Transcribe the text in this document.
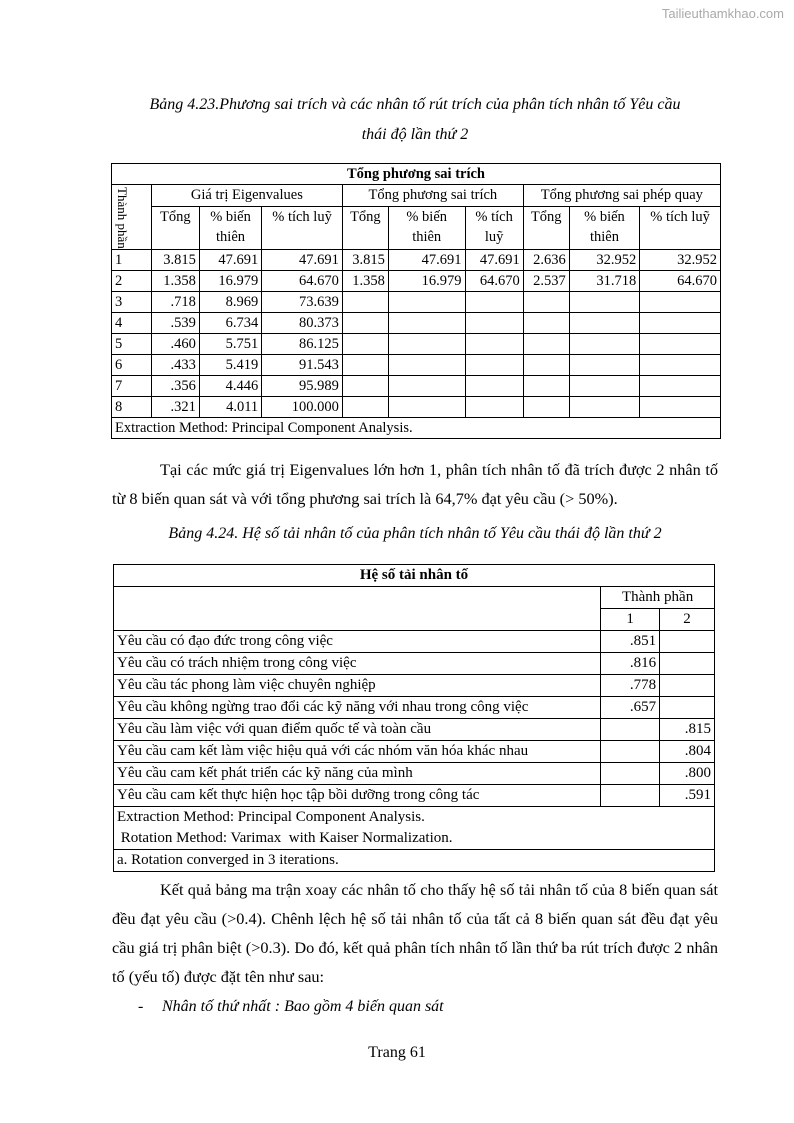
Tailieuthamkhao.com
Bảng 4.23.Phương sai trích và các nhân tố rút trích của phân tích nhân tố Yêu cầu
thái độ lần thứ 2
Tổng phương sai trích									

Thành phần	Giá trị Eigenvalues			Tổng phương sai trích			Tổng phương sai phép quay		
	Tổng	% biến thiên	% tích luỹ	Tổng	% biến thiên	% tích luỹ	Tổng	% biến thiên	% tích luỹ
1	3.815	47.691	47.691	3.815	47.691	47.691	2.636	32.952	32.952
2	1.358	16.979	64.670	1.358	16.979	64.670	2.537	31.718	64.670
3	.718	8.969	73.639						
4	.539	6.734	80.373						
5	.460	5.751	86.125						
6	.433	5.419	91.543						
7	.356	4.446	95.989						
8	.321	4.011	100.000						
Extraction Method: Principal Component Analysis.									
Tại các mức giá trị Eigenvalues lớn hơn 1, phân tích nhân tố đã trích được 2 nhân tố từ 8 biến quan sát và với tổng phương sai trích là 64,7% đạt yêu cầu (> 50%).
Bảng 4.24. Hệ số tải nhân tố của phân tích nhân tố Yêu cầu thái độ lần thứ 2
Hệ số tải nhân tố		
	Thành phần	
	1	2
Yêu cầu có đạo đức trong công việc	.851	
Yêu cầu có trách nhiệm trong công việc	.816	
Yêu cầu tác phong làm việc chuyên nghiệp	.778	
Yêu cầu không ngừng trao đổi các kỹ năng với nhau trong công việc	.657	
Yêu cầu làm việc với quan điểm quốc tế và toàn cầu		.815
Yêu cầu cam kết làm việc hiệu quả với các nhóm văn hóa khác nhau		.804
Yêu cầu cam kết phát triển các kỹ năng của mình		.800
Yêu cầu cam kết thực hiện học tập bồi dưỡng trong công tác		.591

Extraction Method: Principal Component Analysis.
Rotation Method: Varimax  with Kaiser Normalization.		

a. Rotation converged in 3 iterations.		
Kết quả bảng ma trận xoay các nhân tố cho thấy hệ số tải nhân tố của 8 biến quan sát đều đạt yêu cầu (>0.4). Chênh lệch hệ số tải nhân tố của tất cả 8 biến quan sát đều đạt yêu cầu giá trị phân biệt (>0.3). Do đó, kết quả phân tích nhân tố lần thứ ba rút trích được 2 nhân tố (yếu tố) được đặt tên như sau:
- Nhân tố thứ nhất : Bao gồm 4 biến quan sát
Trang 61
